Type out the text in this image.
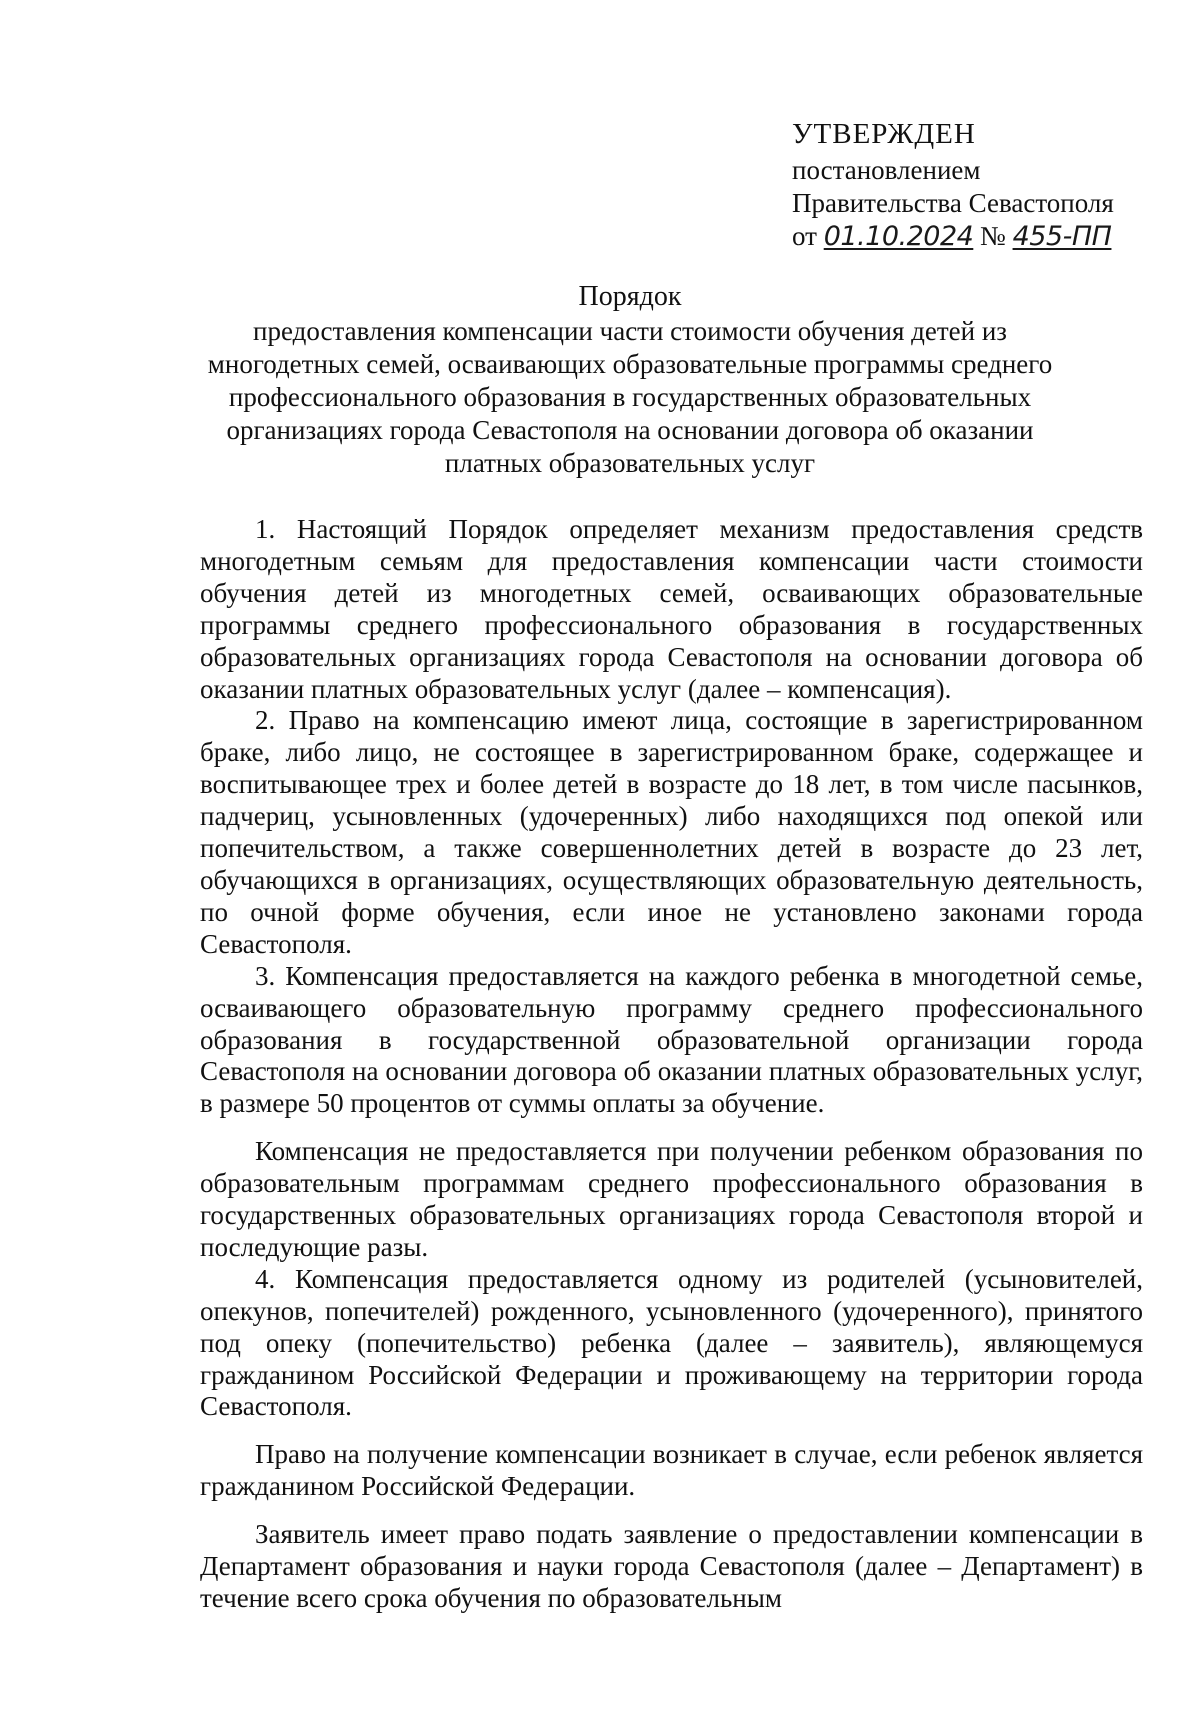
УТВЕРЖДЕН
постановлением
Правительства Севастополя
от 01.10.2024 № 455-ПП
Порядок
предоставления компенсации части стоимости обучения детей из многодетных семей, осваивающих образовательные программы среднего профессионального образования в государственных образовательных организациях города Севастополя на основании договора об оказании платных образовательных услуг

1. Настоящий Порядок определяет механизм предоставления средств многодетным семьям для предоставления компенсации части стоимости обучения детей из многодетных семей, осваивающих образовательные программы среднего профессионального образования в государственных образовательных организациях города Севастополя на основании договора об оказании платных образовательных услуг (далее – компенсация).

2. Право на компенсацию имеют лица, состоящие в зарегистрированном браке, либо лицо, не состоящее в зарегистрированном браке, содержащее и воспитывающее трех и более детей в возрасте до 18 лет, в том числе пасынков, падчериц, усыновленных (удочеренных) либо находящихся под опекой или попечительством, а также совершеннолетних детей в возрасте до 23 лет, обучающихся в организациях, осуществляющих образовательную деятельность, по очной форме обучения, если иное не установлено законами города Севастополя.

3. Компенсация предоставляется на каждого ребенка в многодетной семье, осваивающего образовательную программу среднего профессионального образования в государственной образовательной организации города Севастополя на основании договора об оказании платных образовательных услуг, в размере 50 процентов от суммы оплаты за обучение.

Компенсация не предоставляется при получении ребенком образования по образовательным программам среднего профессионального образования в государственных образовательных организациях города Севастополя второй и последующие разы.

4. Компенсация предоставляется одному из родителей (усыновителей, опекунов, попечителей) рожденного, усыновленного (удочеренного), принятого под опеку (попечительство) ребенка (далее – заявитель), являющемуся гражданином Российской Федерации и проживающему на территории города Севастополя.

Право на получение компенсации возникает в случае, если ребенок является гражданином Российской Федерации.

Заявитель имеет право подать заявление о предоставлении компенсации в Департамент образования и науки города Севастополя (далее – Департамент) в течение всего срока обучения по образовательным
